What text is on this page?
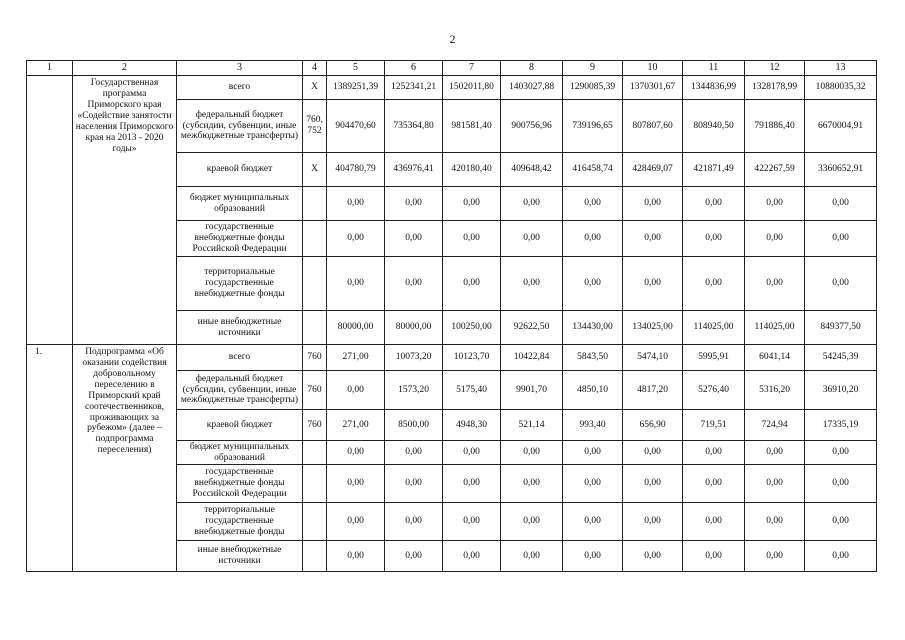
2
1	2	3	4	5	6	7	8	9	10	11	12	13
	Государственная программа Приморского края «Содействие занятости населения Приморского края на 2013 - 2020 годы»	всего	X	1389251,39	1252341,21	1502011,80	1403027,88	1290085,39	1370301,67	1344836,99	1328178,99	10880035,32
		федеральный бюджет (субсидии, субвенции, иные межбюджетные трансферты)	760, 752	904470,60	735364,80	981581,40	900756,96	739196,65	807807,60	808940,50	791886,40	6670004,91
		краевой бюджет	X	404780,79	436976,41	420180,40	409648,42	416458,74	428469,07	421871,49	422267,59	3360652,91
		бюджет муниципальных образований		0,00	0,00	0,00	0,00	0,00	0,00	0,00	0,00	0,00
		государственные внебюджетные фонды Российской Федерации		0,00	0,00	0,00	0,00	0,00	0,00	0,00	0,00	0,00
		территориальные государственные внебюджетные фонды		0,00	0,00	0,00	0,00	0,00	0,00	0,00	0,00	0,00
		иные внебюджетные источники		80000,00	80000,00	100250,00	92622,50	134430,00	134025,00	114025,00	114025,00	849377,50
1.	Подпрограмма «Об оказании содействия добровольному переселению в Приморский край соотечественников, проживающих за рубежом» (далее – подпрограмма переселения)	всего	760	271,00	10073,20	10123,70	10422,84	5843,50	5474,10	5995,91	6041,14	54245,39
		федеральный бюджет (субсидии, субвенции, иные межбюджетные трансферты)	760	0,00	1573,20	5175,40	9901,70	4850,10	4817,20	5276,40	5316,20	36910,20
		краевой бюджет	760	271,00	8500,00	4948,30	521,14	993,40	656,90	719,51	724,94	17335,19
		бюджет муниципальных образований		0,00	0,00	0,00	0,00	0,00	0,00	0,00	0,00	0,00
		государственные внебюджетные фонды Российской Федерации		0,00	0,00	0,00	0,00	0,00	0,00	0,00	0,00	0,00
		территориальные государственные внебюджетные фонды		0,00	0,00	0,00	0,00	0,00	0,00	0,00	0,00	0,00
		иные внебюджетные источники		0,00	0,00	0,00	0,00	0,00	0,00	0,00	0,00	0,00
